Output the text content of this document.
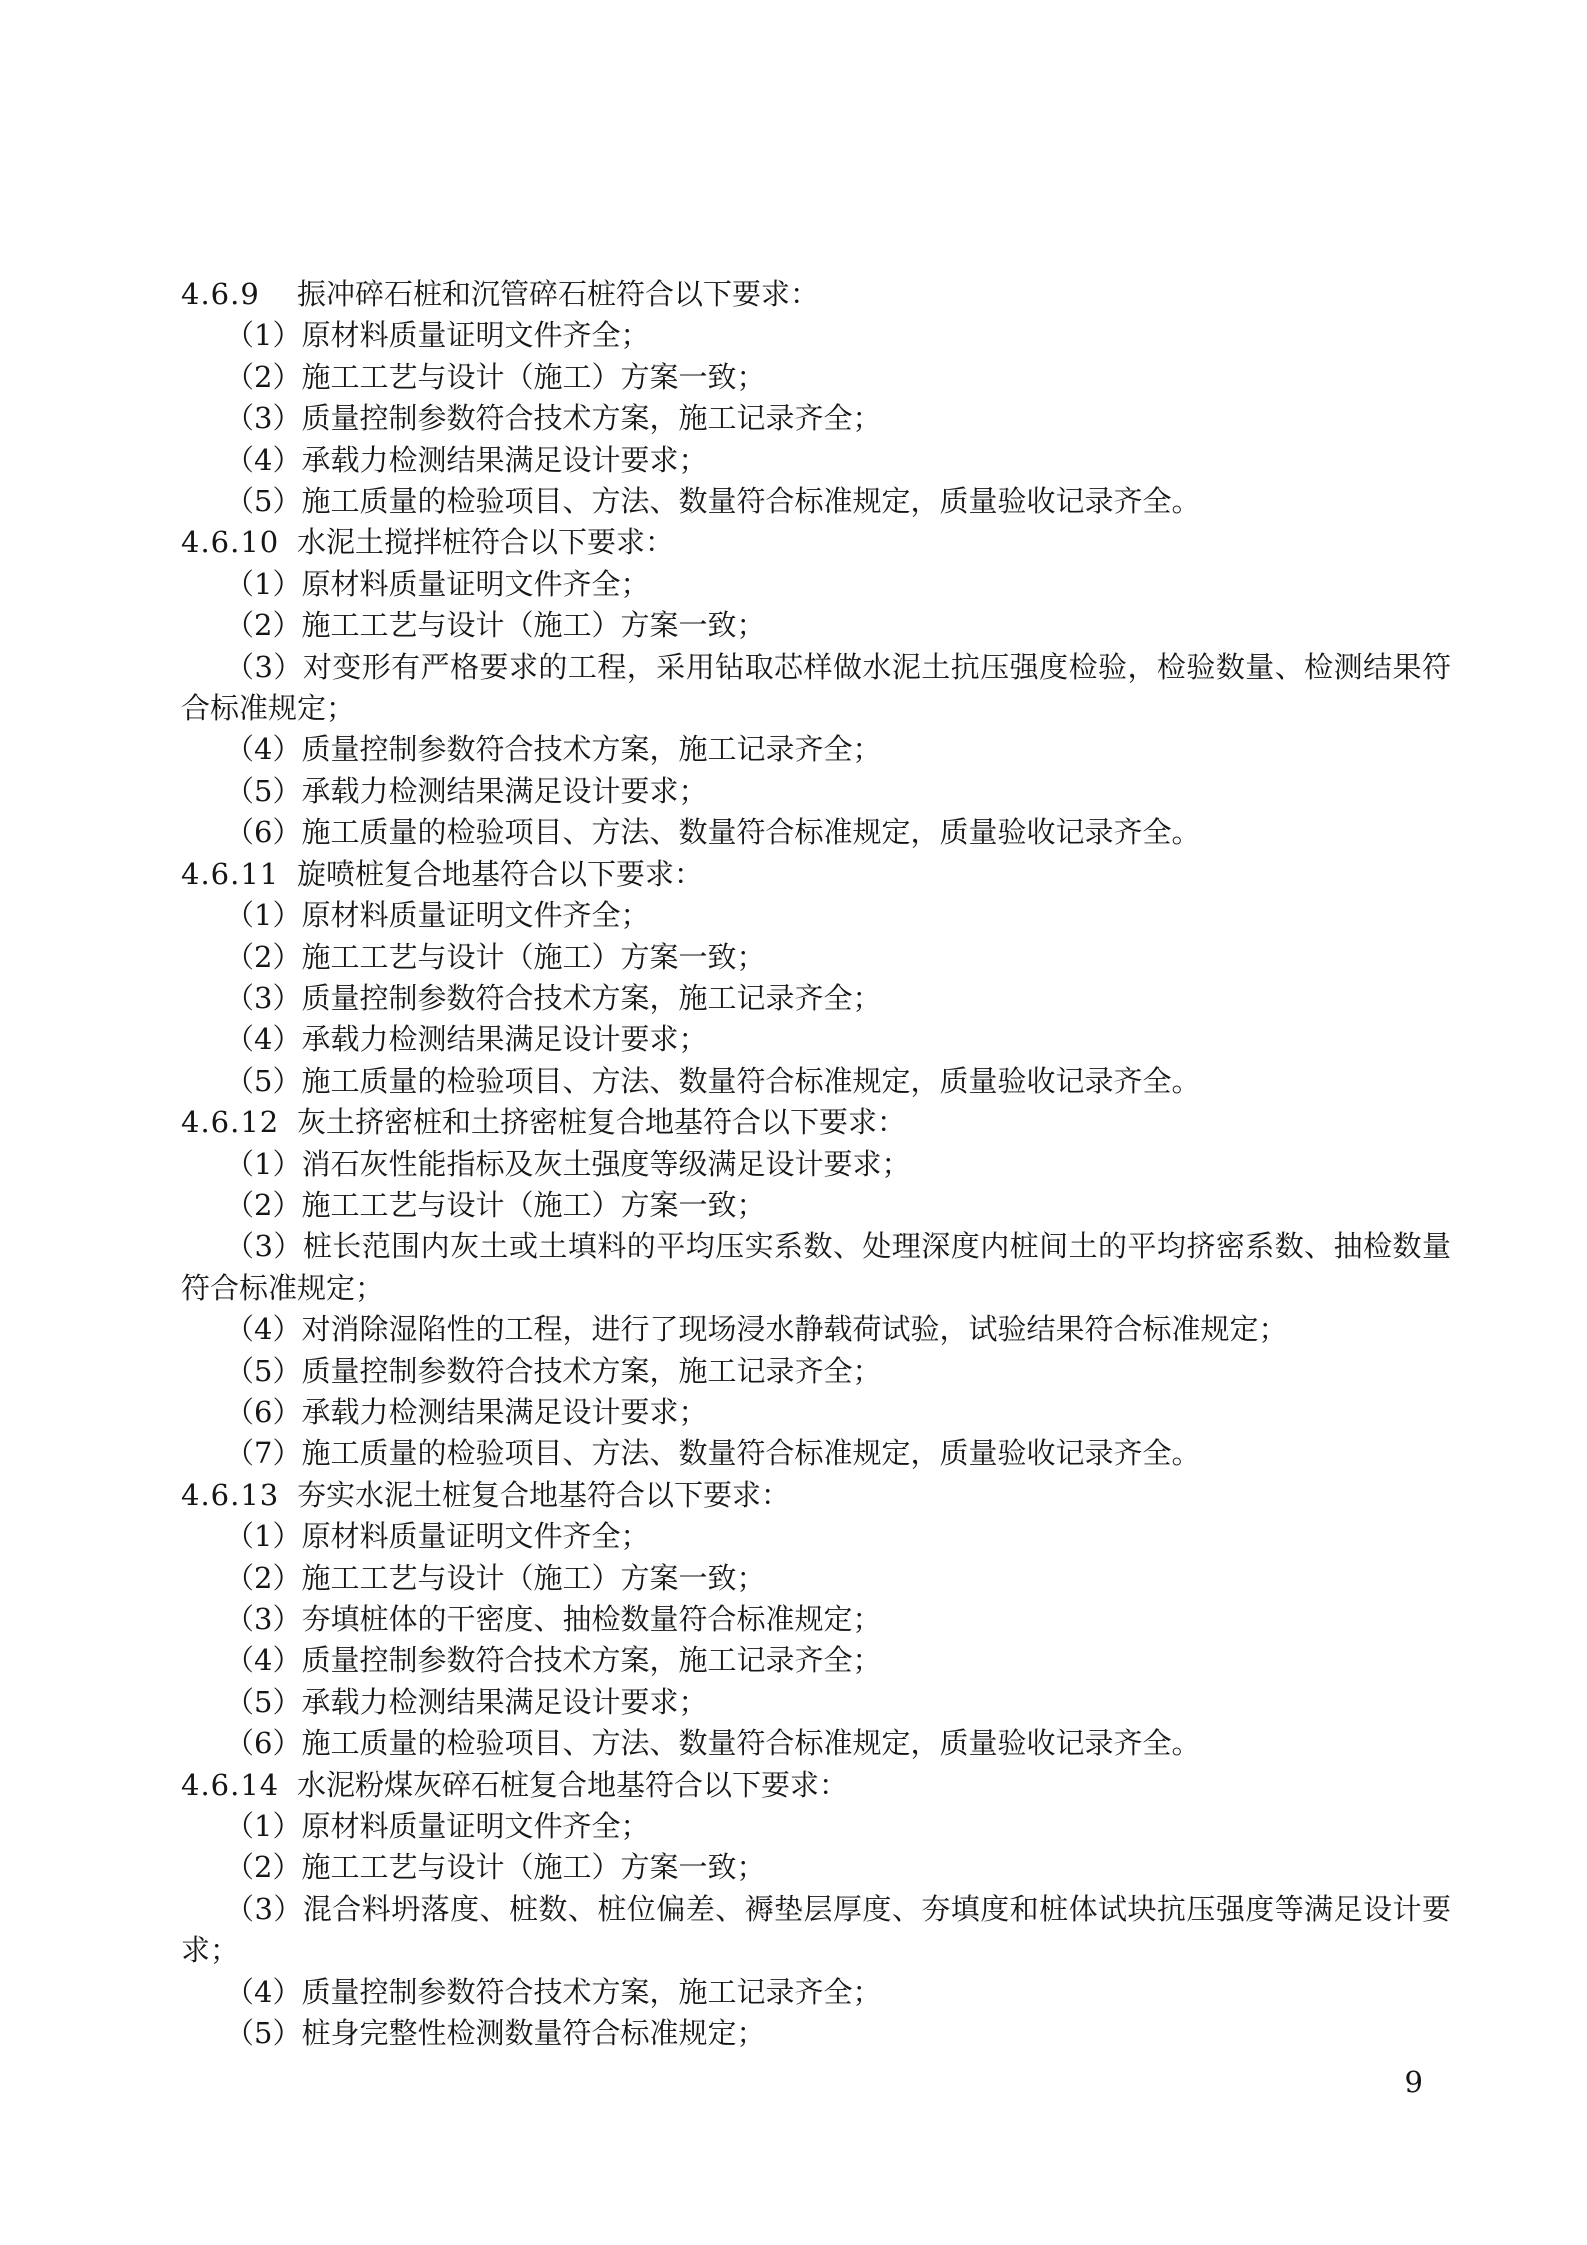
4.6.9 振冲碎石桩和沉管碎石桩符合以下要求：

（1）原材料质量证明文件齐全；

（2）施工工艺与设计（施工）方案一致；

（3）质量控制参数符合技术方案，施工记录齐全；

（4）承载力检测结果满足设计要求；

（5）施工质量的检验项目、方法、数量符合标准规定，质量验收记录齐全。

4.6.10 水泥土搅拌桩符合以下要求：

（1）原材料质量证明文件齐全；

（2）施工工艺与设计（施工）方案一致；

（3）对变形有严格要求的工程，采用钻取芯样做水泥土抗压强度检验，检验数量、检测结果符合标准规定；

（4）质量控制参数符合技术方案，施工记录齐全；

（5）承载力检测结果满足设计要求；

（6）施工质量的检验项目、方法、数量符合标准规定，质量验收记录齐全。

4.6.11 旋喷桩复合地基符合以下要求：

（1）原材料质量证明文件齐全；

（2）施工工艺与设计（施工）方案一致；

（3）质量控制参数符合技术方案，施工记录齐全；

（4）承载力检测结果满足设计要求；

（5）施工质量的检验项目、方法、数量符合标准规定，质量验收记录齐全。

4.6.12 灰土挤密桩和土挤密桩复合地基符合以下要求：

（1）消石灰性能指标及灰土强度等级满足设计要求；

（2）施工工艺与设计（施工）方案一致；

（3）桩长范围内灰土或土填料的平均压实系数、处理深度内桩间土的平均挤密系数、抽检数量符合标准规定；

（4）对消除湿陷性的工程，进行了现场浸水静载荷试验，试验结果符合标准规定；

（5）质量控制参数符合技术方案，施工记录齐全；

（6）承载力检测结果满足设计要求；

（7）施工质量的检验项目、方法、数量符合标准规定，质量验收记录齐全。

4.6.13 夯实水泥土桩复合地基符合以下要求：

（1）原材料质量证明文件齐全；

（2）施工工艺与设计（施工）方案一致；

（3）夯填桩体的干密度、抽检数量符合标准规定；

（4）质量控制参数符合技术方案，施工记录齐全；

（5）承载力检测结果满足设计要求；

（6）施工质量的检验项目、方法、数量符合标准规定，质量验收记录齐全。

4.6.14 水泥粉煤灰碎石桩复合地基符合以下要求：

（1）原材料质量证明文件齐全；

（2）施工工艺与设计（施工）方案一致；

（3）混合料坍落度、桩数、桩位偏差、褥垫层厚度、夯填度和桩体试块抗压强度等满足设计要求；

（4）质量控制参数符合技术方案，施工记录齐全；

（5）桩身完整性检测数量符合标准规定；

9
